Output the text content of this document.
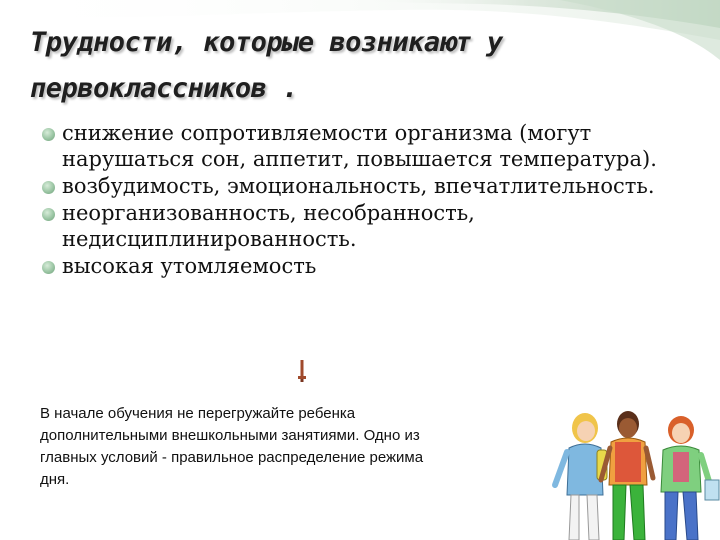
Трудности, которые возникают у
первоклассников .
снижение сопротивляемости организма (могут нарушаться сон, аппетит, повышается температура).
возбудимость, эмоциональность, впечатлительность.
неорганизованность, несобранность, недисциплинированность.
высокая утомляемость
В начале обучения не перегружайте ребенка
дополнительными внешкольными занятиями. Одно из
главных условий - правильное распределение режима
дня.
